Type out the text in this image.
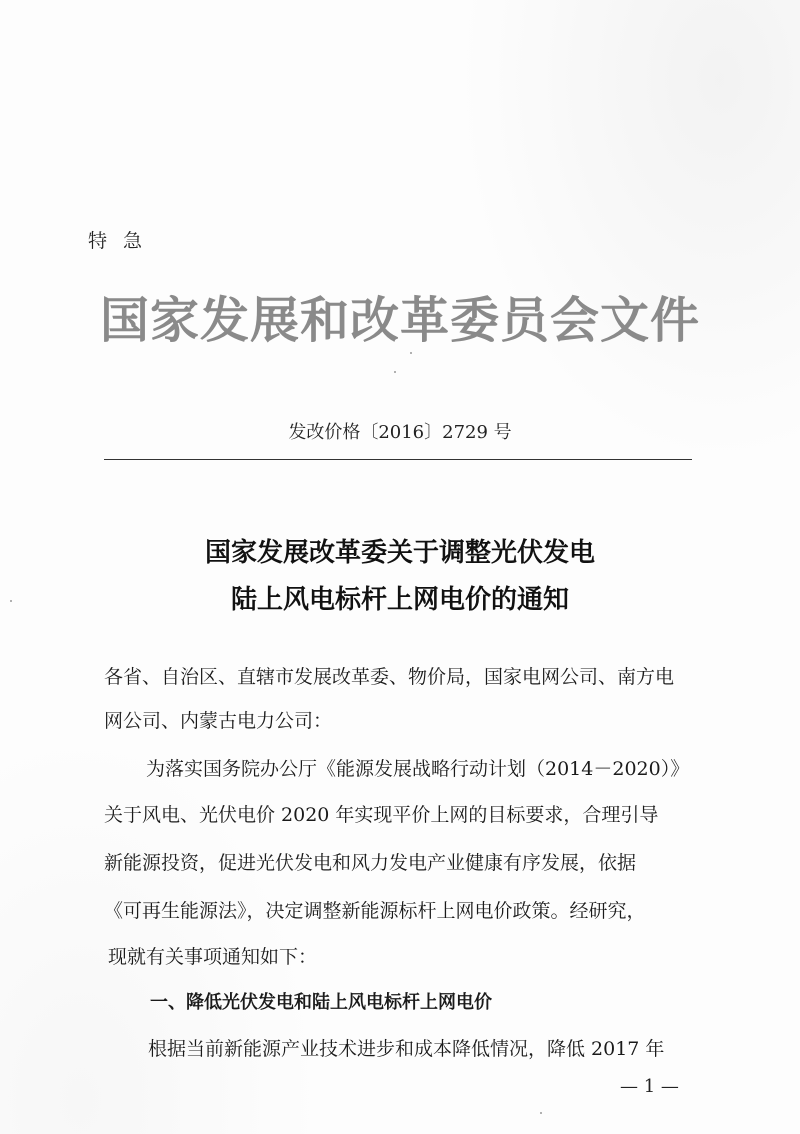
特急
国家发展和改革委员会文件
发改价格〔2016〕2729 号
国家发展改革委关于调整光伏发电
陆上风电标杆上网电价的通知
各省、自治区、直辖市发展改革委、物价局，国家电网公司、南方电
网公司、内蒙古电力公司：
为落实国务院办公厅《能源发展战略行动计划（2014－2020）》
关于风电、光伏电价 2020 年实现平价上网的目标要求，合理引导
新能源投资，促进光伏发电和风力发电产业健康有序发展，依据
《可再生能源法》，决定调整新能源标杆上网电价政策。经研究，
现就有关事项通知如下：
一、降低光伏发电和陆上风电标杆上网电价
根据当前新能源产业技术进步和成本降低情况，降低 2017 年
— 1 —
